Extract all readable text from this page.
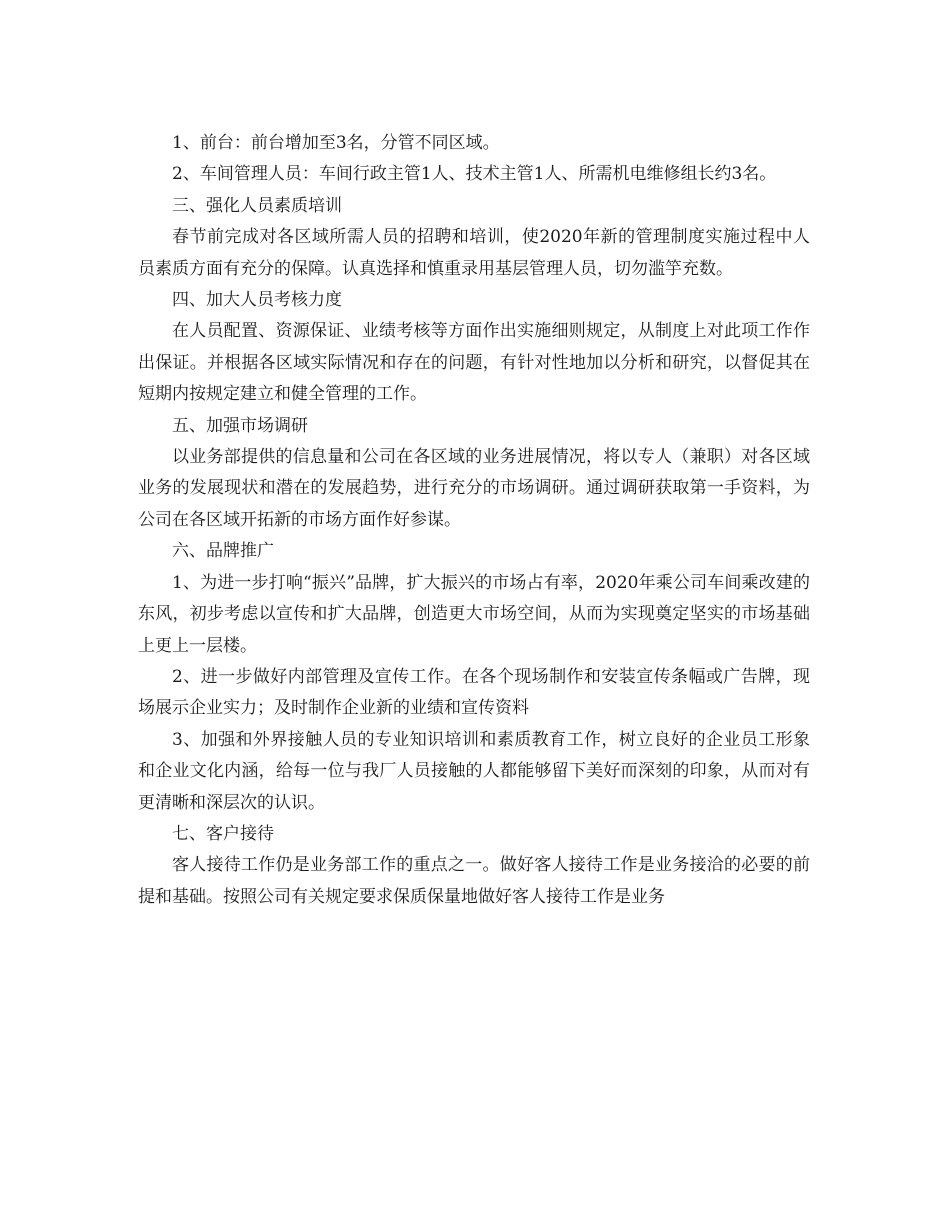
1、前台：前台增加至3名，分管不同区域。

2、车间管理人员：车间行政主管1人、技术主管1人、所需机电维修组长约3名。

三、强化人员素质培训

春节前完成对各区域所需人员的招聘和培训，使2020年新的管理制度实施过程中人员素质方面有充分的保障。认真选择和慎重录用基层管理人员，切勿滥竽充数。

四、加大人员考核力度

在人员配置、资源保证、业绩考核等方面作出实施细则规定，从制度上对此项工作作出保证。并根据各区域实际情况和存在的问题，有针对性地加以分析和研究，以督促其在短期内按规定建立和健全管理的工作。

五、加强市场调研

以业务部提供的信息量和公司在各区域的业务进展情况，将以专人（兼职）对各区域业务的发展现状和潜在的发展趋势，进行充分的市场调研。通过调研获取第一手资料，为公司在各区域开拓新的市场方面作好参谋。

六、品牌推广

1、为进一步打响“振兴”品牌，扩大振兴的市场占有率，2020年乘公司车间乘改建的东风，初步考虑以宣传和扩大品牌，创造更大市场空间，从而为实现奠定坚实的市场基础上更上一层楼。

2、进一步做好内部管理及宣传工作。在各个现场制作和安装宣传条幅或广告牌，现场展示企业实力；及时制作企业新的业绩和宣传资料

3、加强和外界接触人员的专业知识培训和素质教育工作，树立良好的企业员工形象和企业文化内涵，给每一位与我厂人员接触的人都能够留下美好而深刻的印象，从而对有更清晰和深层次的认识。

七、客户接待

客人接待工作仍是业务部工作的重点之一。做好客人接待工作是业务接洽的必要的前提和基础。按照公司有关规定要求保质保量地做好客人接待工作是业务
